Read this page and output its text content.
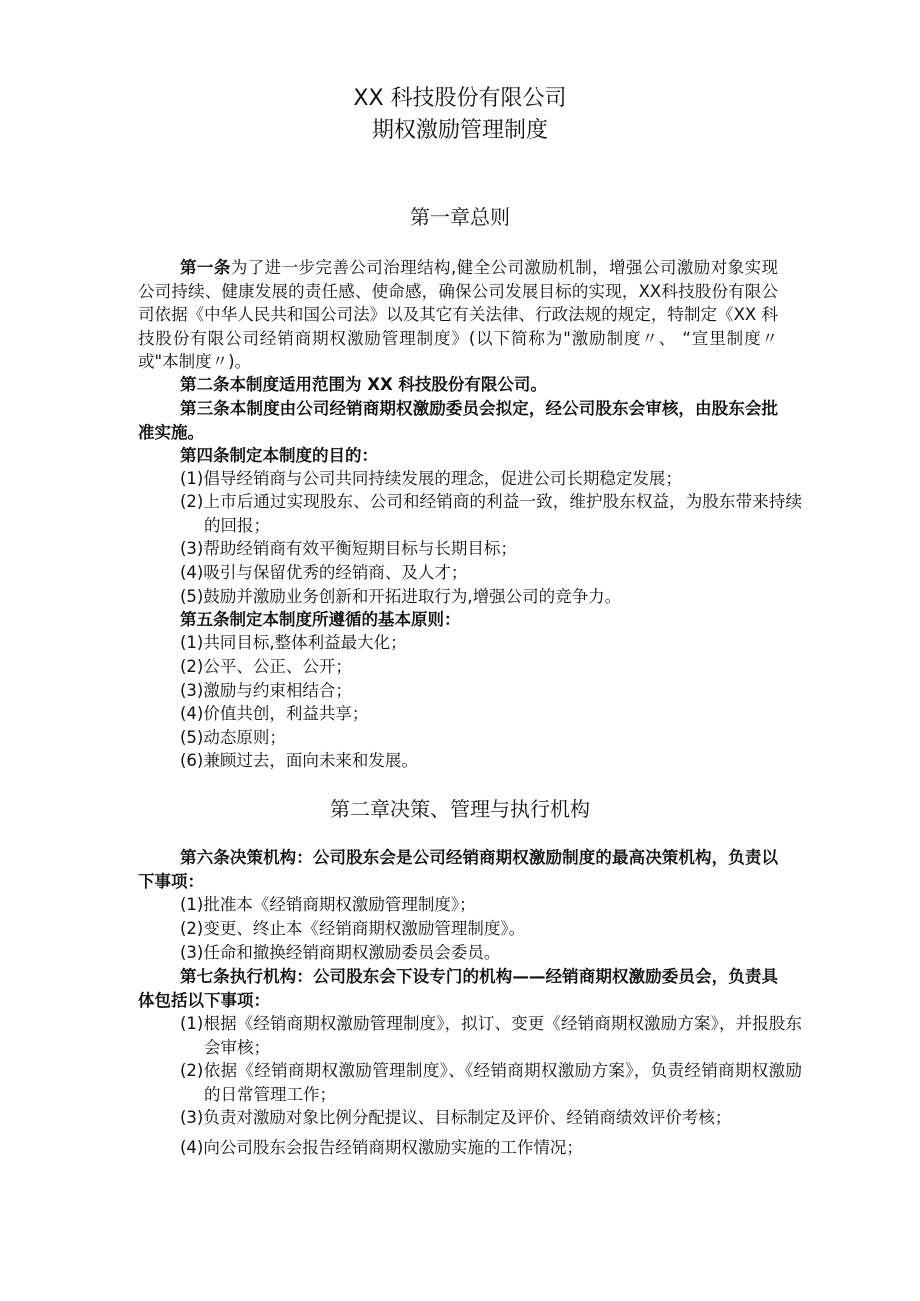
XX 科技股份有限公司
期权激励管理制度
第一章总则

第一条为了进一步完善公司治理结构,健全公司激励机制，增强公司激励对象实现公司持续、健康发展的责任感、使命感，确保公司发展目标的实现，XX科技股份有限公司依据《中华人民共和国公司法》以及其它有关法律、行政法规的规定，特制定《XX 科技股份有限公司经销商期权激励管理制度》(以下简称为"激励制度〃、 “宣里制度〃或"本制度〃)。

第二条本制度适用范围为 XX 科技股份有限公司。

第三条本制度由公司经销商期权激励委员会拟定，经公司股东会审核，由股东会批准实施。

第四条制定本制度的目的：

(1)倡导经销商与公司共同持续发展的理念，促进公司长期稳定发展；

(2)上市后通过实现股东、公司和经销商的利益一致，维护股东权益，为股东带来持续的回报；

(3)帮助经销商有效平衡短期目标与长期目标；

(4)吸引与保留优秀的经销商、及人才；

(5)鼓励并激励业务创新和开拓进取行为,增强公司的竞争力。

第五条制定本制度所遵循的基本原则：

(1)共同目标,整体利益最大化；

(2)公平、公正、公开；

(3)激励与约束相结合；

(4)价值共创，利益共享；

(5)动态原则；

(6)兼顾过去，面向未来和发展。

第二章决策、管理与执行机构

第六条决策机构：公司股东会是公司经销商期权激励制度的最高决策机构，负责以下事项：

(1)批准本《经销商期权激励管理制度》；

(2)变更、终止本《经销商期权激励管理制度》。

(3)任命和撤换经销商期权激励委员会委员。

第七条执行机构：公司股东会下设专门的机构——经销商期权激励委员会，负责具体包括以下事项：

(1)根据《经销商期权激励管理制度》，拟订、变更《经销商期权激励方案》，并报股东会审核；

(2)依据《经销商期权激励管理制度》、《经销商期权激励方案》，负责经销商期权激励的日常管理工作；

(3)负责对激励对象比例分配提议、目标制定及评价、经销商绩效评价考核；

(4)向公司股东会报告经销商期权激励实施的工作情况；
